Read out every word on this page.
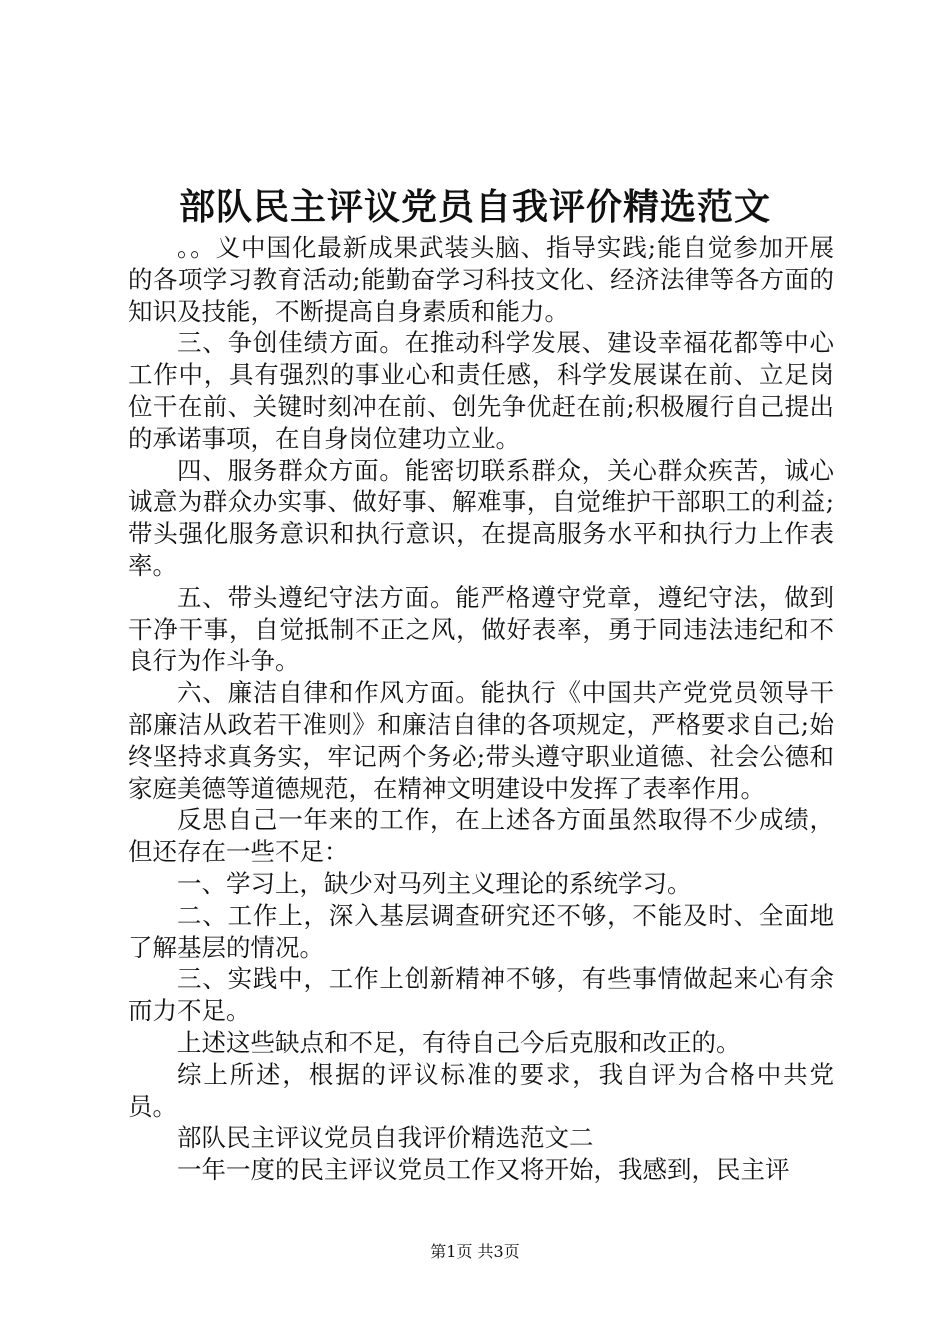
部队民主评议党员自我评价精选范文

。。义中国化最新成果武装头脑、指导实践;能自觉参加开展的各项学习教育活动;能勤奋学习科技文化、经济法律等各方面的知识及技能，不断提高自身素质和能力。

三、争创佳绩方面。在推动科学发展、建设幸福花都等中心工作中，具有强烈的事业心和责任感，科学发展谋在前、立足岗位干在前、关键时刻冲在前、创先争优赶在前;积极履行自己提出的承诺事项，在自身岗位建功立业。

四、服务群众方面。能密切联系群众，关心群众疾苦，诚心诚意为群众办实事、做好事、解难事，自觉维护干部职工的利益;带头强化服务意识和执行意识，在提高服务水平和执行力上作表率。

五、带头遵纪守法方面。能严格遵守党章，遵纪守法，做到干净干事，自觉抵制不正之风，做好表率，勇于同违法违纪和不良行为作斗争。

六、廉洁自律和作风方面。能执行《中国共产党党员领导干部廉洁从政若干准则》和廉洁自律的各项规定，严格要求自己;始终坚持求真务实，牢记两个务必;带头遵守职业道德、社会公德和家庭美德等道德规范，在精神文明建设中发挥了表率作用。

反思自己一年来的工作，在上述各方面虽然取得不少成绩，但还存在一些不足：

一、学习上，缺少对马列主义理论的系统学习。

二、工作上，深入基层调查研究还不够，不能及时、全面地了解基层的情况。

三、实践中，工作上创新精神不够，有些事情做起来心有余而力不足。

上述这些缺点和不足，有待自己今后克服和改正的。

综上所述，根据的评议标准的要求，我自评为合格中共党员。

部队民主评议党员自我评价精选范文二

一年一度的民主评议党员工作又将开始，我感到，民主评

第1页 共3页
